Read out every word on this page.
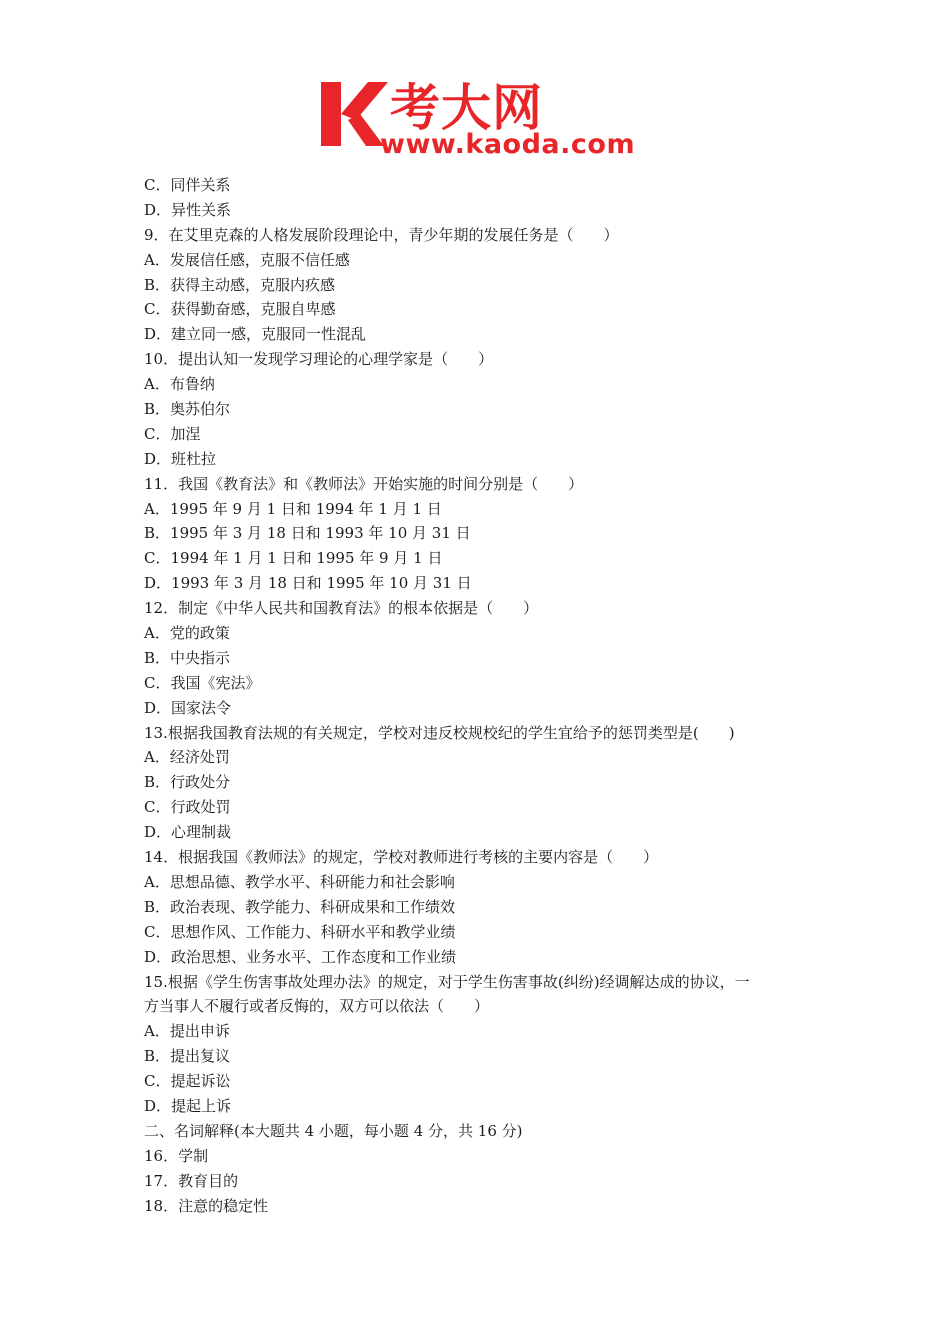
考大网
www.kaoda.com
C．同伴关系
D．异性关系
9．在艾里克森的人格发展阶段理论中，青少年期的发展任务是（　　）
A．发展信任感，克服不信任感
B．获得主动感，克服内疚感
C．获得勤奋感，克服自卑感
D．建立同一感，克服同一性混乱
10．提出认知一发现学习理论的心理学家是（　　）
A．布鲁纳
B．奥苏伯尔
C．加涅
D．班杜拉
11．我国《教育法》和《教师法》开始实施的时间分别是（　　）
A．1995 年 9 月 1 日和 1994 年 1 月 1 日
B．1995 年 3 月 18 日和 1993 年 10 月 31 日
C．1994 年 1 月 1 日和 1995 年 9 月 1 日
D．1993 年 3 月 18 日和 1995 年 10 月 31 日
12．制定《中华人民共和国教育法》的根本依据是（　　）
A．党的政策
B．中央指示
C．我国《宪法》
D．国家法令
13.根据我国教育法规的有关规定，学校对违反校规校纪的学生宜给予的惩罚类型是(　　)
A．经济处罚
B．行政处分
C．行政处罚
D．心理制裁
14．根据我国《教师法》的规定，学校对教师进行考核的主要内容是（　　）
A．思想品德、教学水平、科研能力和社会影响
B．政治表现、教学能力、科研成果和工作绩效
C．思想作风、工作能力、科研水平和教学业绩
D．政治思想、业务水平、工作态度和工作业绩
15.根据《学生伤害事故处理办法》的规定，对于学生伤害事故(纠纷)经调解达成的协议，一
方当事人不履行或者反悔的，双方可以依法（　　）
A．提出申诉
B．提出复议
C．提起诉讼
D．提起上诉
二、名词解释(本大题共 4 小题，每小题 4 分，共 16 分)
16．学制
17．教育目的
18．注意的稳定性
